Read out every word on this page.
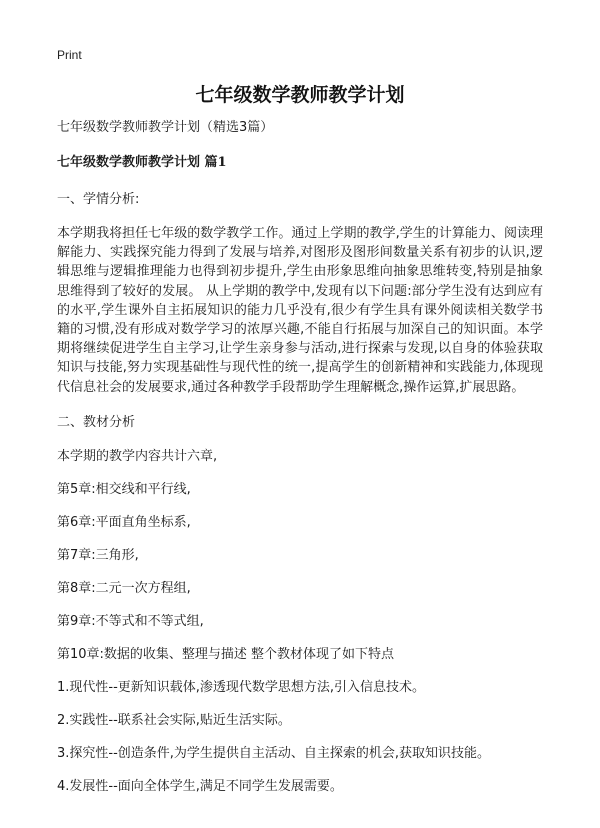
Print
七年级数学教师教学计划

七年级数学教师教学计划（精选3篇）

七年级数学教师教学计划 篇1

一、学情分析:

本学期我将担任七年级的数学教学工作。通过上学期的教学,学生的计算能力、阅读理解能力、实践探究能力得到了发展与培养,对图形及图形间数量关系有初步的认识,逻辑思维与逻辑推理能力也得到初步提升,学生由形象思维向抽象思维转变,特别是抽象思维得到了较好的发展。 从上学期的教学中,发现有以下问题:部分学生没有达到应有的水平,学生课外自主拓展知识的能力几乎没有,很少有学生具有课外阅读相关数学书籍的习惯,没有形成对数学学习的浓厚兴趣,不能自行拓展与加深自己的知识面。本学期将继续促进学生自主学习,让学生亲身参与活动,进行探索与发现,以自身的体验获取知识与技能,努力实现基础性与现代性的统一,提高学生的创新精神和实践能力,体现现代信息社会的发展要求,通过各种教学手段帮助学生理解概念,操作运算,扩展思路。

二、教材分析

本学期的教学内容共计六章,

第5章:相交线和平行线,

第6章:平面直角坐标系,

第7章:三角形,

第8章:二元一次方程组,

第9章:不等式和不等式组,

第10章:数据的收集、整理与描述 整个教材体现了如下特点

1.现代性--更新知识载体,渗透现代数学思想方法,引入信息技术。

2.实践性--联系社会实际,贴近生活实际。

3.探究性--创造条件,为学生提供自主活动、自主探索的机会,获取知识技能。

4.发展性--面向全体学生,满足不同学生发展需要。
